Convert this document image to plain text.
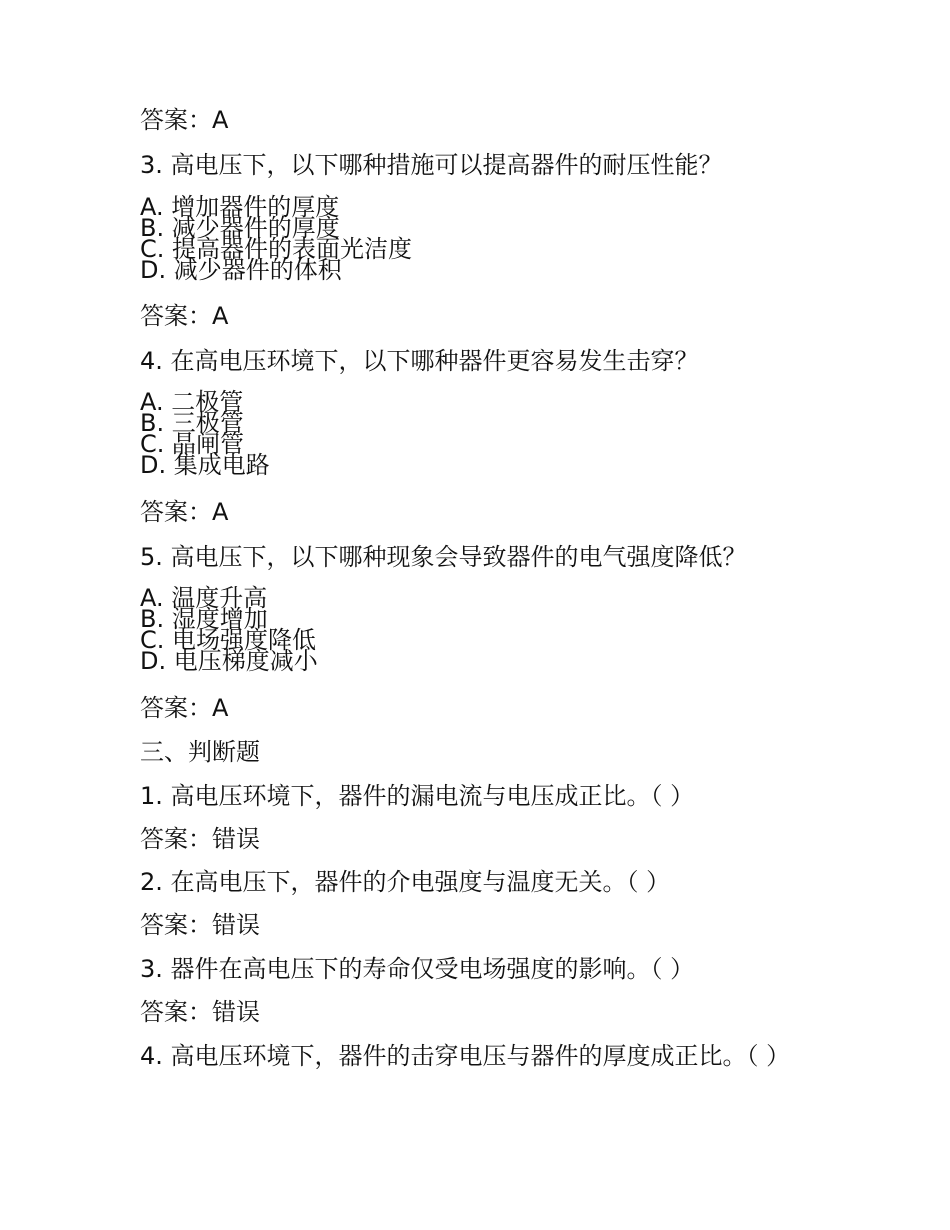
答案：A
3. 高电压下，以下哪种措施可以提高器件的耐压性能？
A. 增加器件的厚度
B. 减少器件的厚度
C. 提高器件的表面光洁度
D. 减少器件的体积
答案：A
4. 在高电压环境下，以下哪种器件更容易发生击穿？
A. 二极管
B. 三极管
C. 晶闸管
D. 集成电路
答案：A
5. 高电压下，以下哪种现象会导致器件的电气强度降低？
A. 温度升高
B. 湿度增加
C. 电场强度降低
D. 电压梯度减小
答案：A
三、判断题
1. 高电压环境下，器件的漏电流与电压成正比。（ ）
答案：错误
2. 在高电压下，器件的介电强度与温度无关。（ ）
答案：错误
3. 器件在高电压下的寿命仅受电场强度的影响。（ ）
答案：错误
4. 高电压环境下，器件的击穿电压与器件的厚度成正比。（ ）
